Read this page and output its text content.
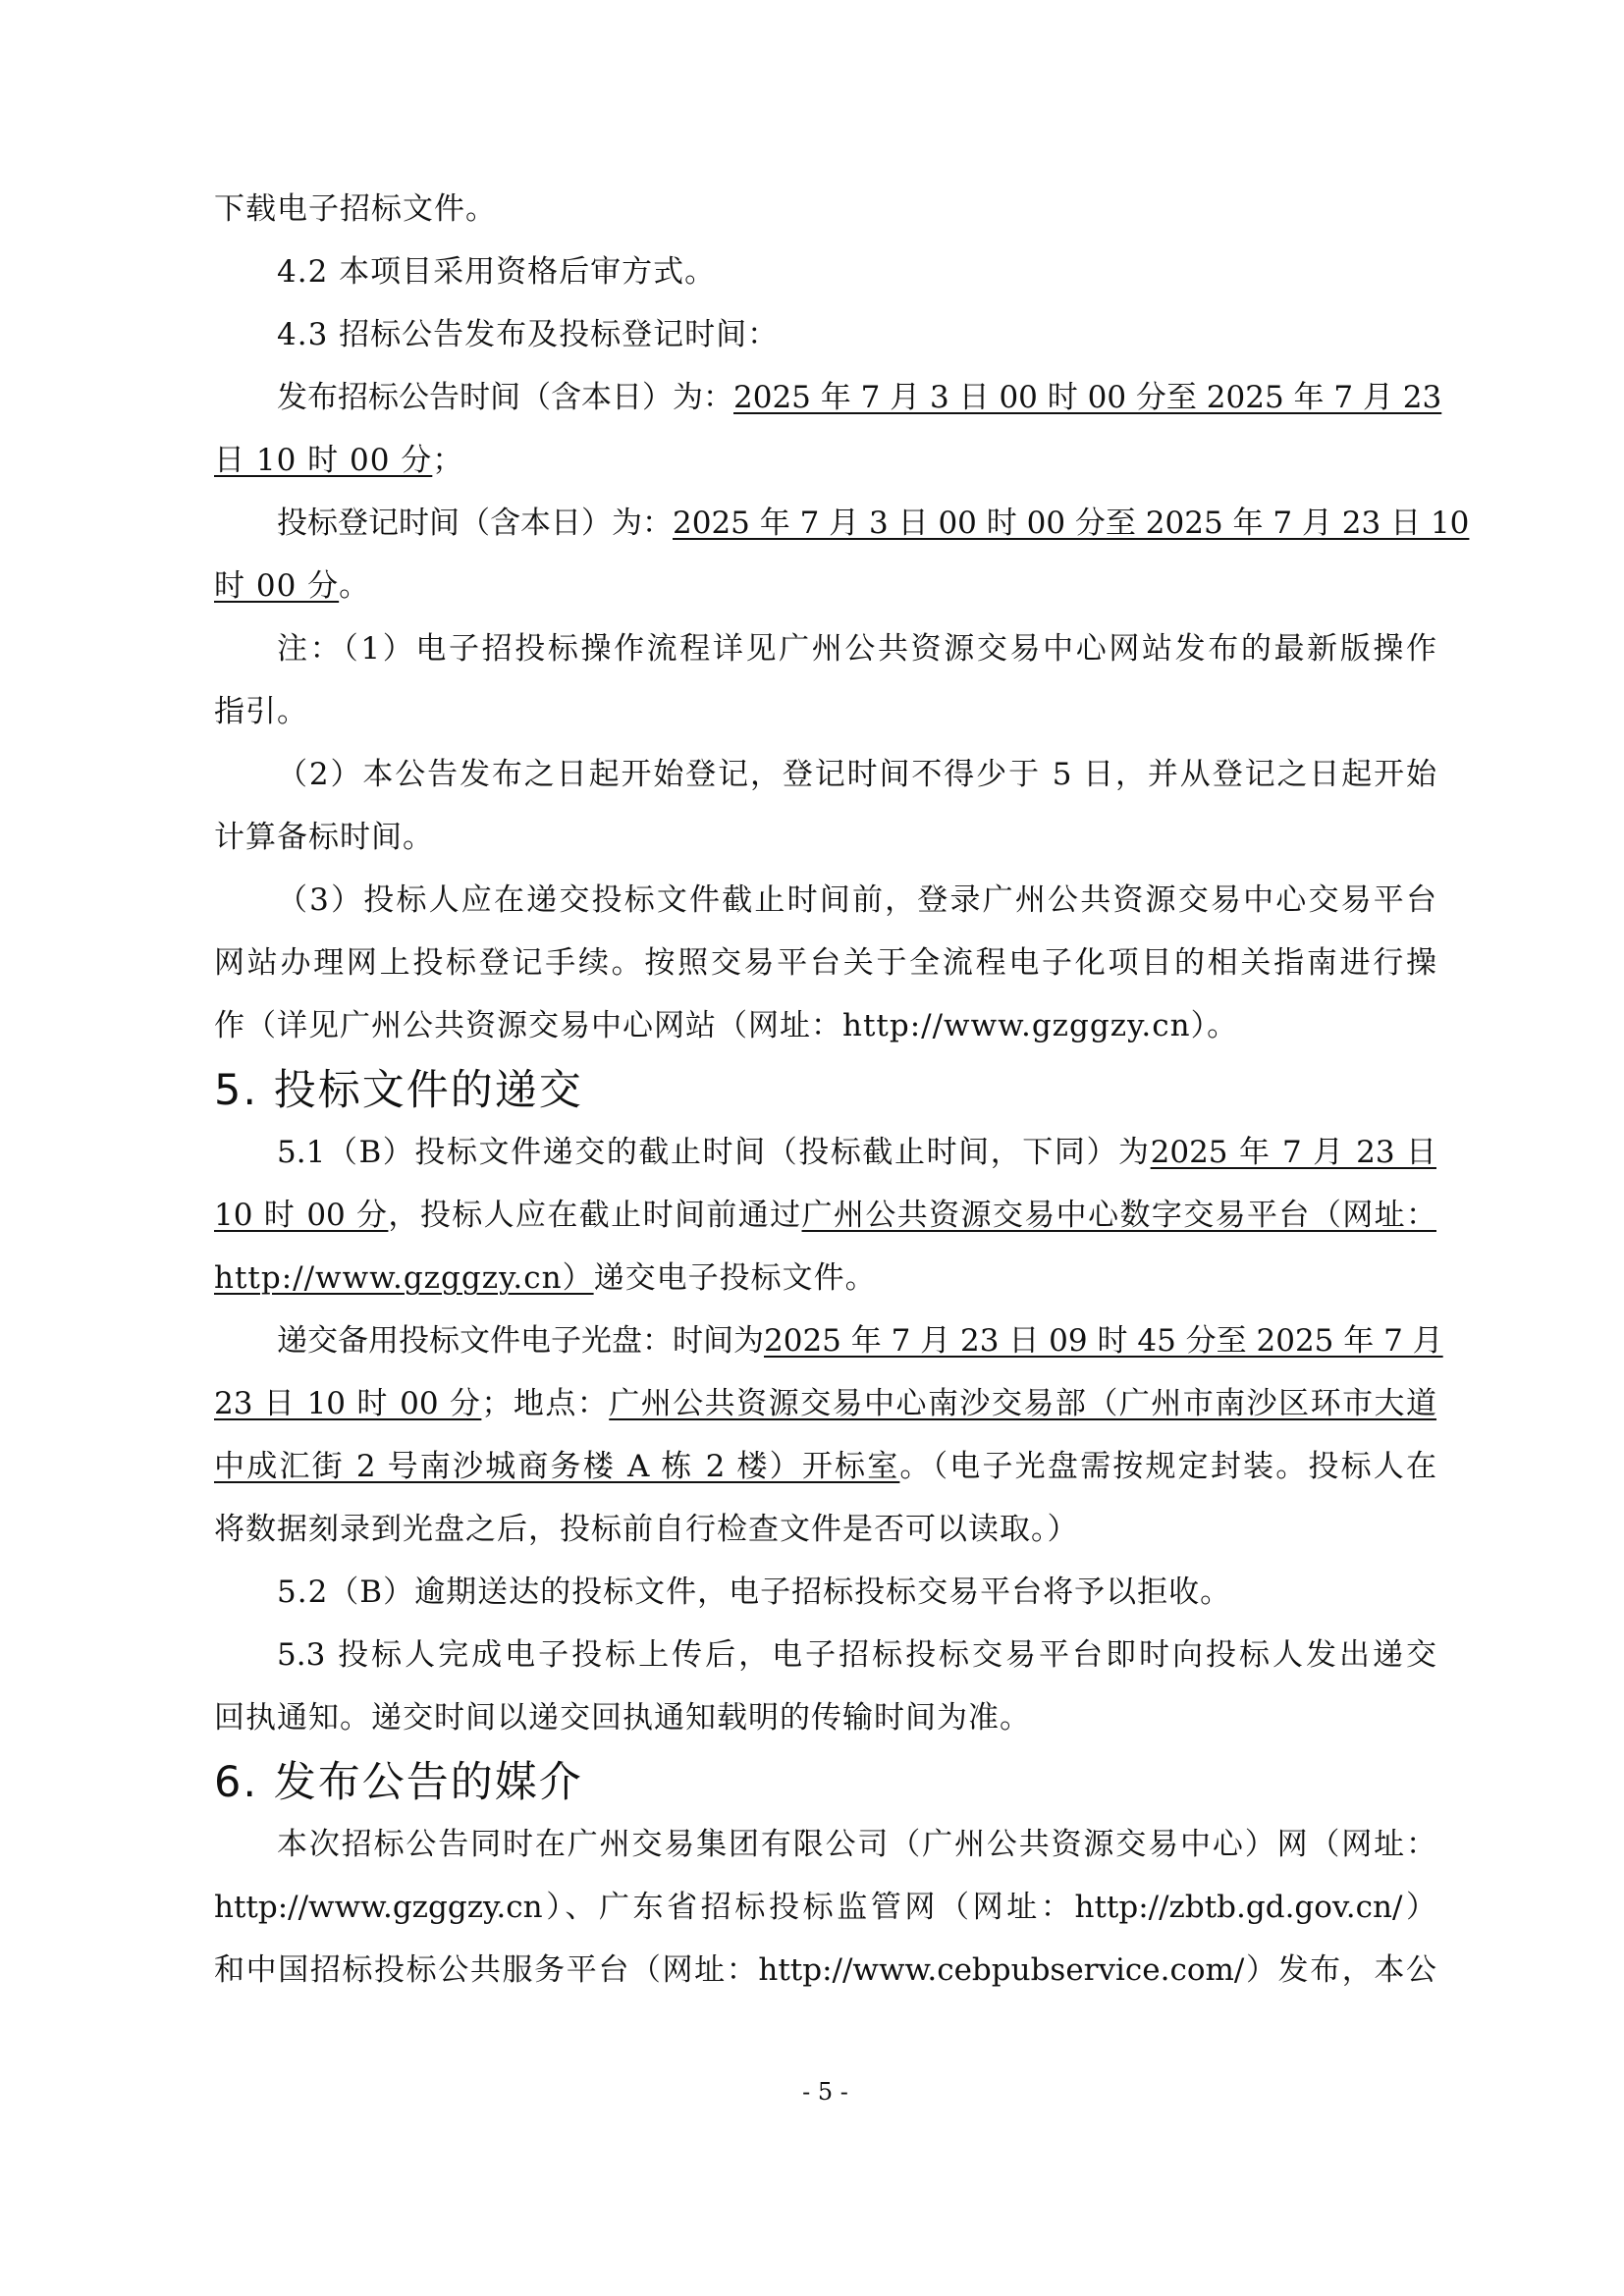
下载电子招标文件。
4.2 本项目采用资格后审方式。
4.3 招标公告发布及投标登记时间：
发布招标公告时间（含本日）为：2025 年 7 月 3 日 00 时 00 分至 2025 年 7 月 23
日 10 时 00 分；
投标登记时间（含本日）为：2025 年 7 月 3 日 00 时 00 分至 2025 年 7 月 23 日 10
时 00 分。
注：（1）电子招投标操作流程详见广州公共资源交易中心网站发布的最新版操作
指引。
（2）本公告发布之日起开始登记，登记时间不得少于 5 日，并从登记之日起开始
计算备标时间。
（3）投标人应在递交投标文件截止时间前，登录广州公共资源交易中心交易平台
网站办理网上投标登记手续。按照交易平台关于全流程电子化项目的相关指南进行操
作（详见广州公共资源交易中心网站（网址：http://www.gzggzy.cn）。
5. 投标文件的递交
5.1（B）投标文件递交的截止时间（投标截止时间，下同）为2025 年 7 月 23 日
10 时 00 分，投标人应在截止时间前通过广州公共资源交易中心数字交易平台（网址：
http://www.gzggzy.cn）递交电子投标文件。
递交备用投标文件电子光盘：时间为2025 年 7 月 23 日 09 时 45 分至 2025 年 7 月
23 日 10 时 00 分；地点：广州公共资源交易中心南沙交易部（广州市南沙区环市大道
中成汇街 2 号南沙城商务楼 A 栋 2 楼）开标室。（电子光盘需按规定封装。投标人在
将数据刻录到光盘之后，投标前自行检查文件是否可以读取。）
5.2（B）逾期送达的投标文件，电子招标投标交易平台将予以拒收。
5.3 投标人完成电子投标上传后，电子招标投标交易平台即时向投标人发出递交
回执通知。递交时间以递交回执通知载明的传输时间为准。
6. 发布公告的媒介
本次招标公告同时在广州交易集团有限公司（广州公共资源交易中心）网（网址：
http://www.gzggzy.cn）、广东省招标投标监管网（网址：http://zbtb.gd.gov.cn/）
和中国招标投标公共服务平台（网址：http://www.cebpubservice.com/）发布，本公
- 5 -
